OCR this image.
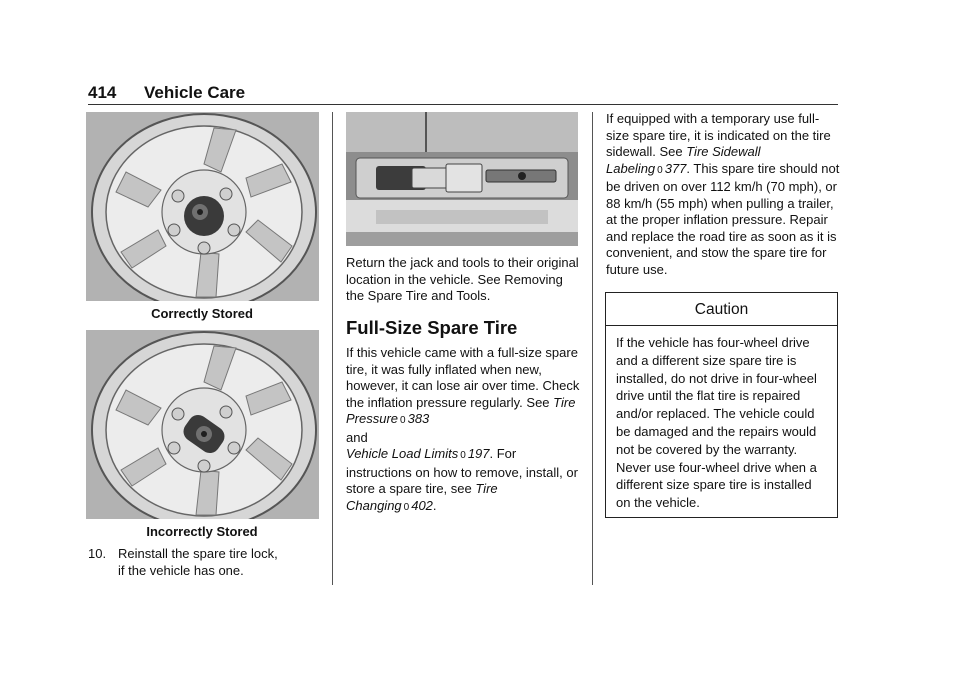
414 Vehicle Care
Correctly Stored
Incorrectly Stored
10. Reinstall the spare tire lock,
if the vehicle has one.

Return the jack and tools to their original location in the vehicle. See Removing the Spare Tire and Tools.

Full-Size Spare Tire

If this vehicle came with a full-size spare tire, it was fully inflated when new, however, it can lose air over time. Check the inflation pressure regularly. See Tire Pressure 0 383
and
Vehicle Load Limits 0 197. For instructions on how to remove, install, or store a spare tire, see Tire Changing 0 402.

If equipped with a temporary use full-size spare tire, it is indicated on the tire sidewall. See Tire Sidewall Labeling 0 377. This spare tire should not be driven on over 112 km/h (70 mph), or 88 km/h (55 mph) when pulling a trailer, at the proper inflation pressure. Repair and replace the road tire as soon as it is convenient, and stow the spare tire for future use.

Caution
If the vehicle has four-wheel drive and a different size spare tire is installed, do not drive in four-wheel drive until the flat tire is repaired and/or replaced. The vehicle could be damaged and the repairs would not be covered by the warranty. Never use four-wheel drive when a different size spare tire is installed on the vehicle.
